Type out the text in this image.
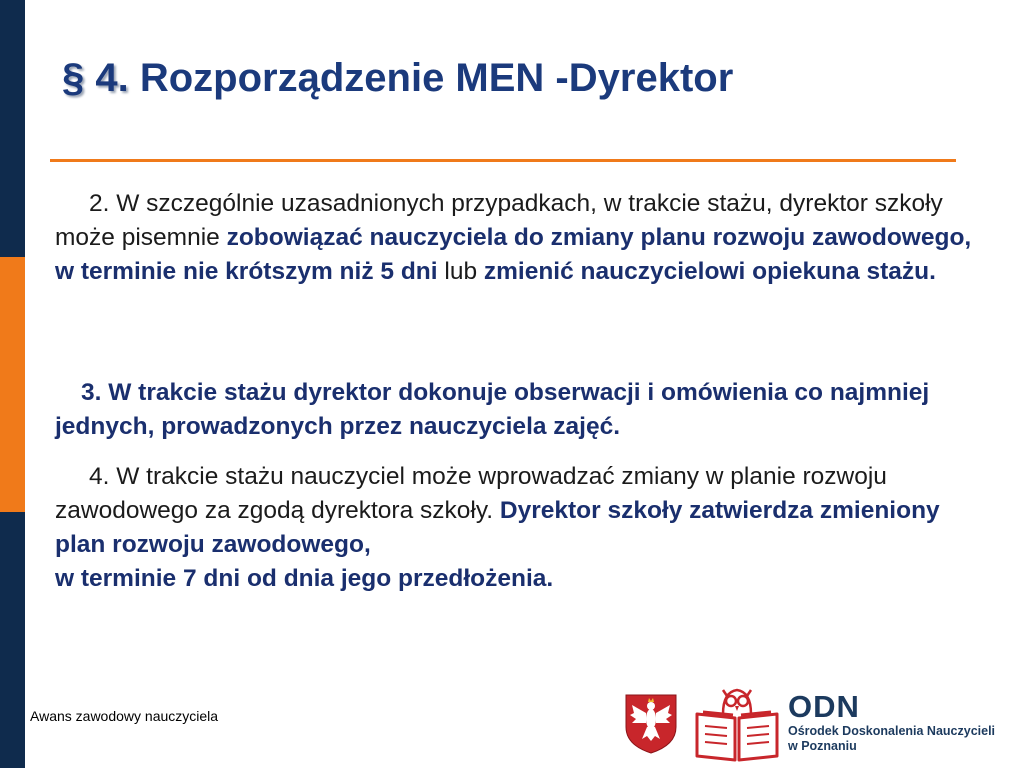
§ 4. Rozporządzenie MEN -Dyrektor
2. W szczególnie uzasadnionych przypadkach, w trakcie stażu, dyrektor szkoły może pisemnie zobowiązać nauczyciela do zmiany planu rozwoju zawodowego, w terminie nie krótszym niż 5 dni lub zmienić nauczycielowi opiekuna stażu.
3. W trakcie stażu dyrektor dokonuje obserwacji i omówienia co najmniej jednych, prowadzonych przez nauczyciela zajęć.
4. W trakcie stażu nauczyciel może wprowadzać zmiany w planie rozwoju zawodowego za zgodą dyrektora szkoły. Dyrektor szkoły zatwierdza zmieniony plan rozwoju zawodowego,
w terminie 7 dni od dnia jego przedłożenia.
Awans zawodowy nauczyciela	ODN
Ośrodek Doskonalenia Nauczycieli
w Poznaniu
